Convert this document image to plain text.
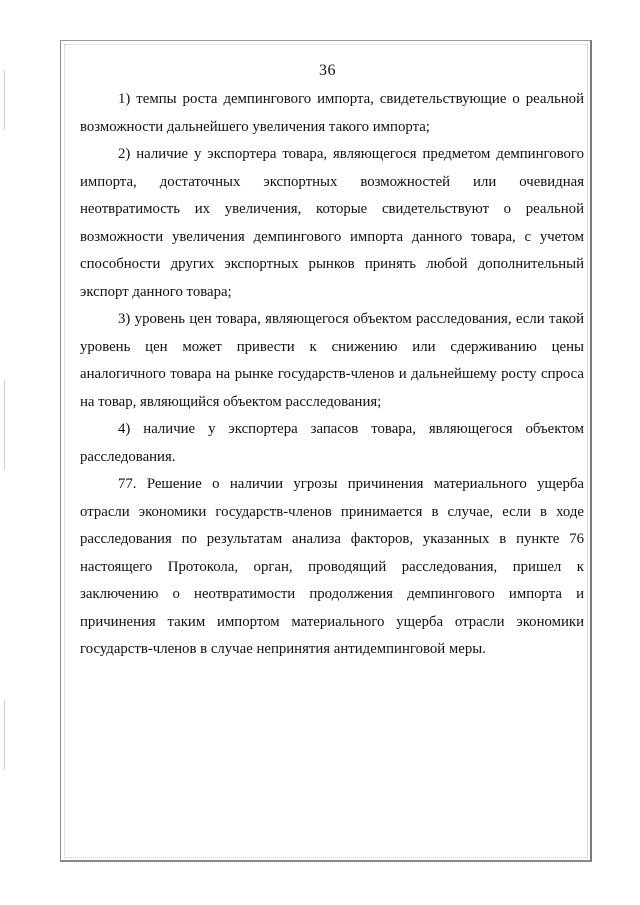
36

1) темпы роста демпингового импорта, свидетельствующие о реальной возможности дальнейшего увеличения такого импорта;

2) наличие у экспортера товара, являющегося предметом демпингового импорта, достаточных экспортных возможностей или очевидная неотвратимость их увеличения, которые свидетельствуют о реальной возможности увеличения демпингового импорта данного товара, с учетом способности других экспортных рынков принять любой дополнительный экспорт данного товара;

3) уровень цен товара, являющегося объектом расследования, если такой уровень цен может привести к снижению или сдерживанию цены аналогичного товара на рынке государств-членов и дальнейшему росту спроса на товар, являющийся объектом расследования;

4) наличие у экспортера запасов товара, являющегося объектом расследования.

77. Решение о наличии угрозы причинения материального ущерба отрасли экономики государств-членов принимается в случае, если в ходе расследования по результатам анализа факторов, указанных в пункте 76 настоящего Протокола, орган, проводящий расследования, пришел к заключению о неотвратимости продолжения демпингового импорта и причинения таким импортом материального ущерба отрасли экономики государств-членов в случае непринятия антидемпинговой меры.
